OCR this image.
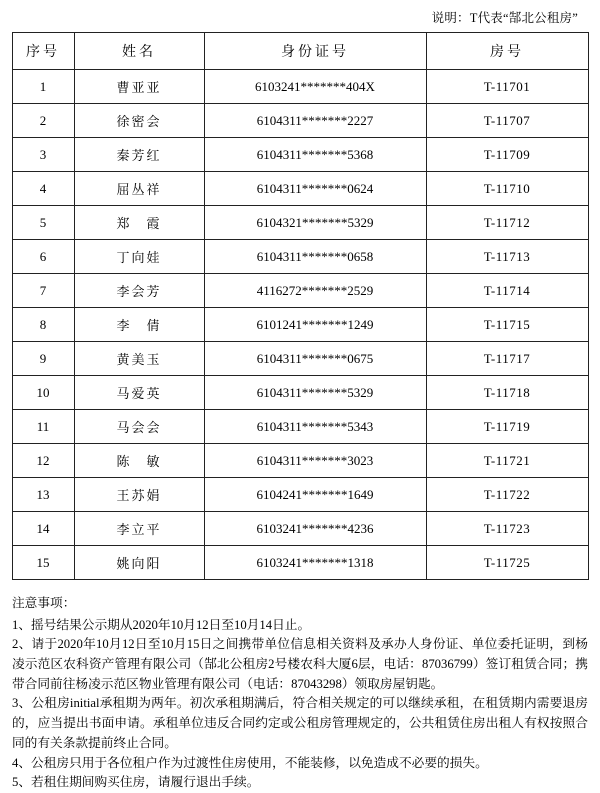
说明：T代表“郜北公租房”
序号	姓名	身份证号	房号
1	曹亚亚	6103241*******404X	T-11701
2	徐密会	6104311*******2227	T-11707
3	秦芳红	6104311*******5368	T-11709
4	屈丛祥	6104311*******0624	T-11710
5	郑　霞	6104321*******5329	T-11712
6	丁向娃	6104311*******0658	T-11713
7	李会芳	4116272*******2529	T-11714
8	李　倩	6101241*******1249	T-11715
9	黄美玉	6104311*******0675	T-11717
10	马爱英	6104311*******5329	T-11718
11	马会会	6104311*******5343	T-11719
12	陈　敏	6104311*******3023	T-11721
13	王苏娟	6104241*******1649	T-11722
14	李立平	6103241*******4236	T-11723
15	姚向阳	6103241*******1318	T-11725

注意事项：

1、摇号结果公示期从2020年10月12日至10月14日止。

2、请于2020年10月12日至10月15日之间携带单位信息相关资料及承办人身份证、单位委托证明，到杨凌示范区农科资产管理有限公司（郜北公租房2号楼农科大厦6层，电话：87036799）签订租赁合同；携带合同前往杨凌示范区物业管理有限公司（电话：87043298）领取房屋钥匙。

3、公租房initial承租期为两年。初次承租期满后，符合相关规定的可以继续承租，在租赁期内需要退房的，应当提出书面申请。承租单位违反合同约定或公租房管理规定的，公共租赁住房出租人有权按照合同的有关条款提前终止合同。

4、公租房只用于各位租户作为过渡性住房使用，不能装修，以免造成不必要的损失。

5、若租住期间购买住房，请履行退出手续。
